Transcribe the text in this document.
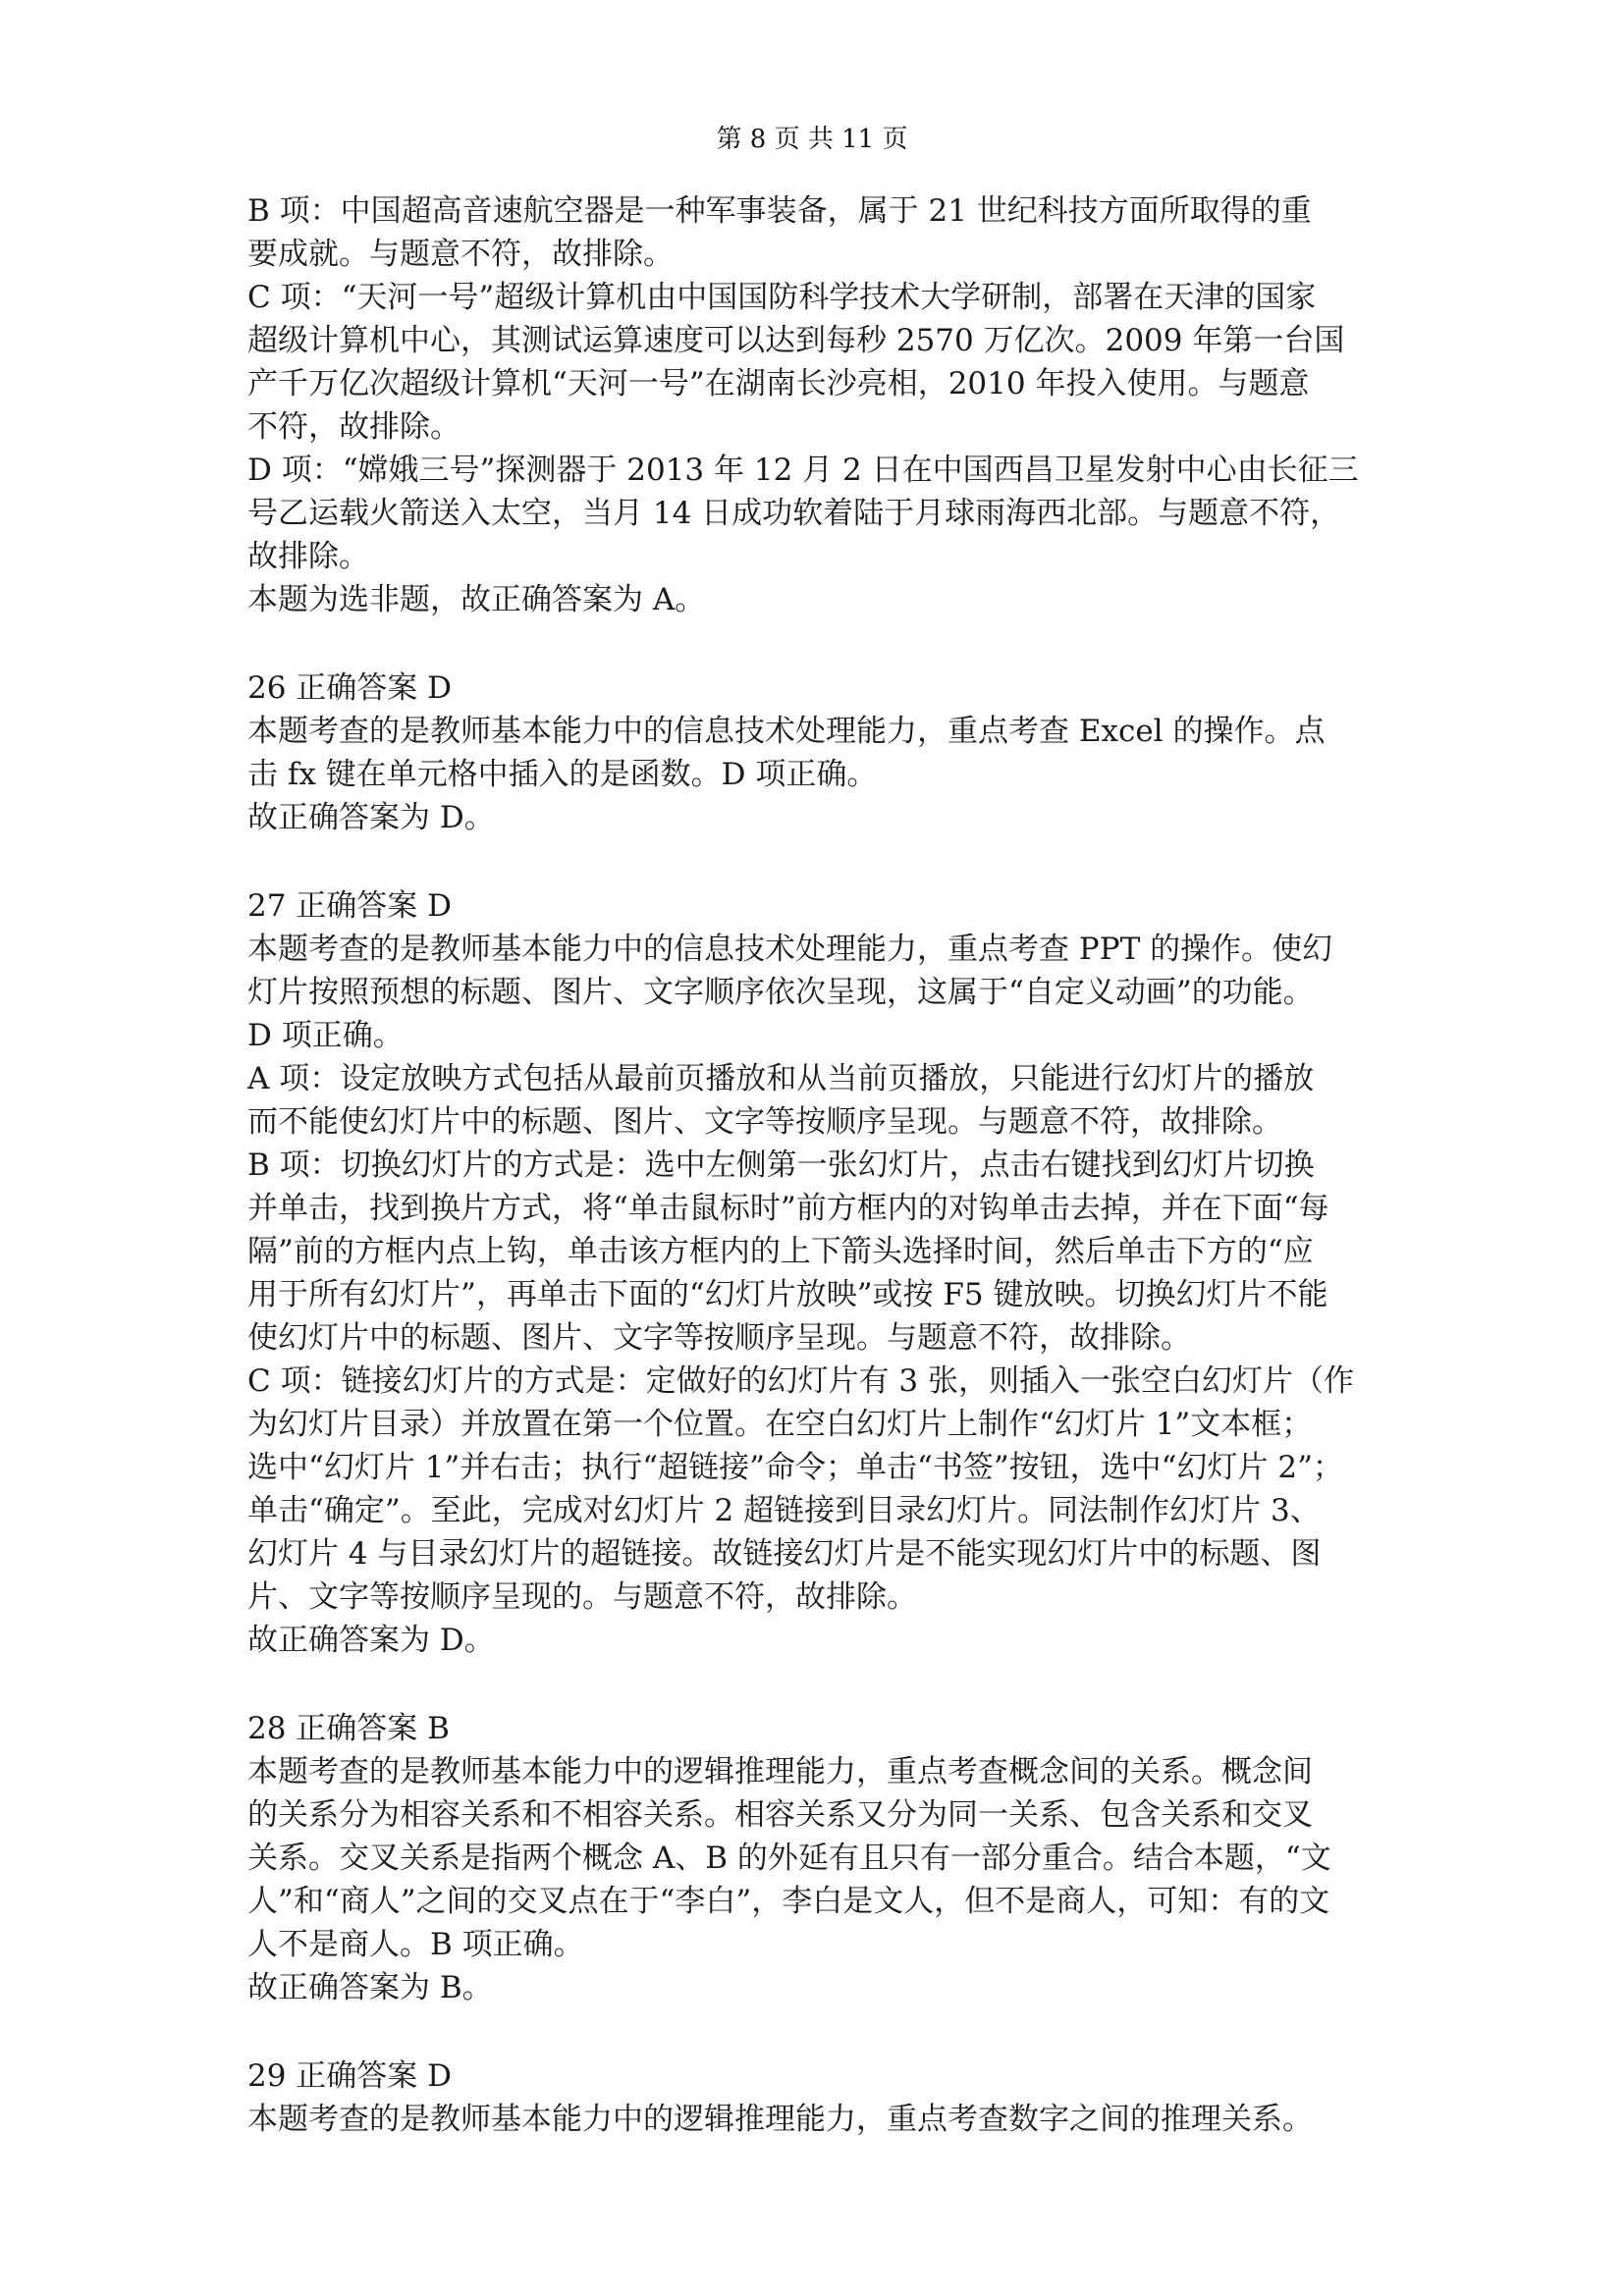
第 8 页 共 11 页

B 项：中国超高音速航空器是一种军事装备，属于 21 世纪科技方面所取得的重
要成就。与题意不符，故排除。

C 项：“天河一号”超级计算机由中国国防科学技术大学研制，部署在天津的国家
超级计算机中心，其测试运算速度可以达到每秒 2570 万亿次。2009 年第一台国
产千万亿次超级计算机“天河一号”在湖南长沙亮相，2010 年投入使用。与题意
不符，故排除。

D 项：“嫦娥三号”探测器于 2013 年 12 月 2 日在中国西昌卫星发射中心由长征三
号乙运载火箭送入太空，当月 14 日成功软着陆于月球雨海西北部。与题意不符，
故排除。

本题为选非题，故正确答案为 A。

26 正确答案 D

本题考查的是教师基本能力中的信息技术处理能力，重点考查 Excel 的操作。点
击 fx 键在单元格中插入的是函数。D 项正确。

故正确答案为 D。

27 正确答案 D

本题考查的是教师基本能力中的信息技术处理能力，重点考查 PPT 的操作。使幻
灯片按照预想的标题、图片、文字顺序依次呈现，这属于“自定义动画”的功能。
D 项正确。

A 项：设定放映方式包括从最前页播放和从当前页播放，只能进行幻灯片的播放
而不能使幻灯片中的标题、图片、文字等按顺序呈现。与题意不符，故排除。

B 项：切换幻灯片的方式是：选中左侧第一张幻灯片，点击右键找到幻灯片切换
并单击，找到换片方式，将“单击鼠标时”前方框内的对钩单击去掉，并在下面“每
隔”前的方框内点上钩，单击该方框内的上下箭头选择时间，然后单击下方的“应
用于所有幻灯片”，再单击下面的“幻灯片放映”或按 F5 键放映。切换幻灯片不能
使幻灯片中的标题、图片、文字等按顺序呈现。与题意不符，故排除。

C 项：链接幻灯片的方式是：定做好的幻灯片有 3 张，则插入一张空白幻灯片（作
为幻灯片目录）并放置在第一个位置。在空白幻灯片上制作“幻灯片 1”文本框；
选中“幻灯片 1”并右击；执行“超链接”命令；单击“书签”按钮，选中“幻灯片 2”；
单击“确定”。至此，完成对幻灯片 2 超链接到目录幻灯片。同法制作幻灯片 3、
幻灯片 4 与目录幻灯片的超链接。故链接幻灯片是不能实现幻灯片中的标题、图
片、文字等按顺序呈现的。与题意不符，故排除。

故正确答案为 D。

28 正确答案 B

本题考查的是教师基本能力中的逻辑推理能力，重点考查概念间的关系。概念间
的关系分为相容关系和不相容关系。相容关系又分为同一关系、包含关系和交叉
关系。交叉关系是指两个概念 A、B 的外延有且只有一部分重合。结合本题，“文
人”和“商人”之间的交叉点在于“李白”，李白是文人，但不是商人，可知：有的文
人不是商人。B 项正确。

故正确答案为 B。

29 正确答案 D

本题考查的是教师基本能力中的逻辑推理能力，重点考查数字之间的推理关系。
